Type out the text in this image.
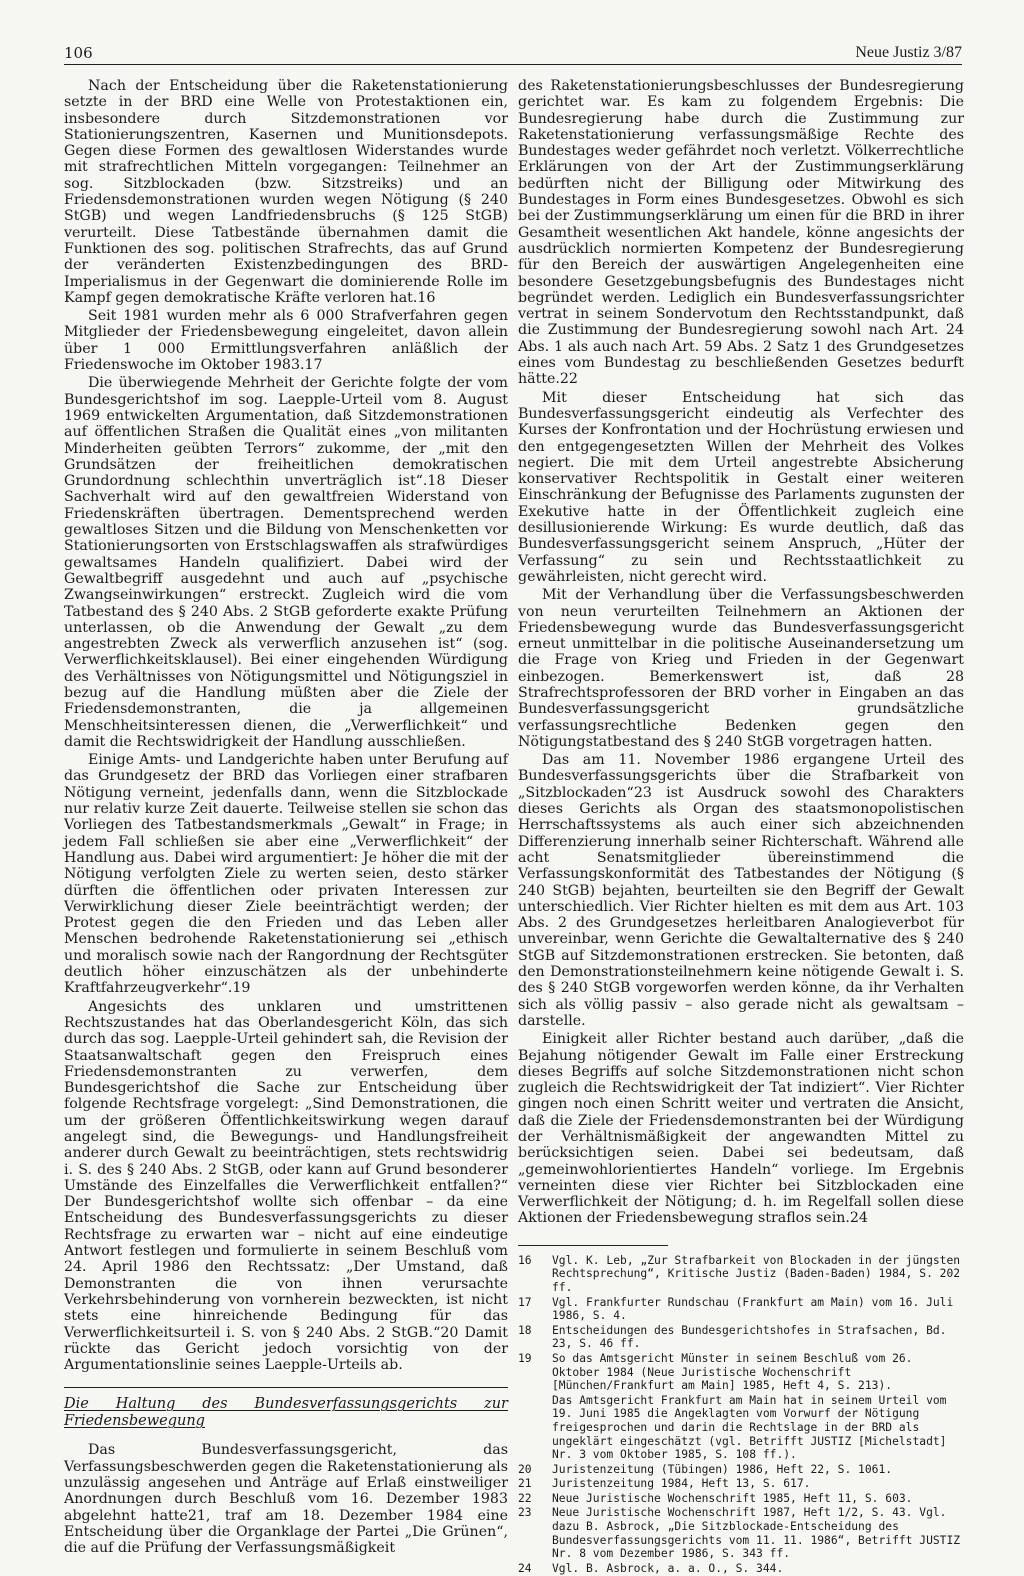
106	Neue Justiz 3/87

Nach der Entscheidung über die Raketenstationierung setzte in der BRD eine Welle von Protestaktionen ein, insbesondere durch Sitzdemonstrationen vor Stationierungszentren, Kasernen und Munitionsdepots. Gegen diese Formen des gewaltlosen Widerstandes wurde mit strafrechtlichen Mitteln vorgegangen: Teilnehmer an sog. Sitzblockaden (bzw. Sitzstreiks) und an Friedensdemonstrationen wurden wegen Nötigung (§ 240 StGB) und wegen Landfriedensbruchs (§ 125 StGB) verurteilt. Diese Tatbestände übernahmen damit die Funktionen des sog. politischen Strafrechts, das auf Grund der veränderten Existenzbedingungen des BRD-Imperialismus in der Gegenwart die dominierende Rolle im Kampf gegen demokratische Kräfte verloren hat.16

Seit 1981 wurden mehr als 6 000 Strafverfahren gegen Mitglieder der Friedensbewegung eingeleitet, davon allein über 1 000 Ermittlungsverfahren anläßlich der Friedenswoche im Oktober 1983.17

Die überwiegende Mehrheit der Gerichte folgte der vom Bundesgerichtshof im sog. Laepple-Urteil vom 8. August 1969 entwickelten Argumentation, daß Sitzdemonstrationen auf öffentlichen Straßen die Qualität eines „von militanten Minderheiten geübten Terrors“ zukomme, der „mit den Grundsätzen der freiheitlichen demokratischen Grundordnung schlechthin unverträglich ist“.18 Dieser Sachverhalt wird auf den gewaltfreien Widerstand von Friedenskräften übertragen. Dementsprechend werden gewaltloses Sitzen und die Bildung von Menschenketten vor Stationierungsorten von Erstschlagswaffen als strafwürdiges gewaltsames Handeln qualifiziert. Dabei wird der Gewaltbegriff ausgedehnt und auch auf „psychische Zwangseinwirkungen“ erstreckt. Zugleich wird die vom Tatbestand des § 240 Abs. 2 StGB geforderte exakte Prüfung unterlassen, ob die Anwendung der Gewalt „zu dem angestrebten Zweck als verwerflich anzusehen ist“ (sog. Verwerflichkeitsklausel). Bei einer eingehenden Würdigung des Verhältnisses von Nötigungsmittel und Nötigungsziel in bezug auf die Handlung müßten aber die Ziele der Friedensdemonstranten, die ja allgemeinen Menschheitsinteressen dienen, die „Verwerflichkeit“ und damit die Rechtswidrigkeit der Handlung ausschließen.

Einige Amts- und Landgerichte haben unter Berufung auf das Grundgesetz der BRD das Vorliegen einer strafbaren Nötigung verneint, jedenfalls dann, wenn die Sitzblockade nur relativ kurze Zeit dauerte. Teilweise stellen sie schon das Vorliegen des Tatbestandsmerkmals „Gewalt“ in Frage; in jedem Fall schließen sie aber eine „Verwerflichkeit“ der Handlung aus. Dabei wird argumentiert: Je höher die mit der Nötigung verfolgten Ziele zu werten seien, desto stärker dürften die öffentlichen oder privaten Interessen zur Verwirklichung dieser Ziele beeinträchtigt werden; der Protest gegen die den Frieden und das Leben aller Menschen bedrohende Raketenstationierung sei „ethisch und moralisch sowie nach der Rangordnung der Rechtsgüter deutlich höher einzuschätzen als der unbehinderte Kraftfahrzeugverkehr“.19

Angesichts des unklaren und umstrittenen Rechtszustandes hat das Oberlandesgericht Köln, das sich durch das sog. Laepple-Urteil gehindert sah, die Revision der Staatsanwaltschaft gegen den Freispruch eines Friedensdemonstranten zu verwerfen, dem Bundesgerichtshof die Sache zur Entscheidung über folgende Rechtsfrage vorgelegt: „Sind Demonstrationen, die um der größeren Öffentlichkeitswirkung wegen darauf angelegt sind, die Bewegungs- und Handlungsfreiheit anderer durch Gewalt zu beeinträchtigen, stets rechtswidrig i. S. des § 240 Abs. 2 StGB, oder kann auf Grund besonderer Umstände des Einzelfalles die Verwerflichkeit entfallen?“ Der Bundesgerichtshof wollte sich offenbar – da eine Entscheidung des Bundesverfassungsgerichts zu dieser Rechtsfrage zu erwarten war – nicht auf eine eindeutige Antwort festlegen und formulierte in seinem Beschluß vom 24. April 1986 den Rechtssatz: „Der Umstand, daß Demonstranten die von ihnen verursachte Verkehrsbehinderung von vornherein bezweckten, ist nicht stets eine hinreichende Bedingung für das Verwerflichkeitsurteil i. S. von § 240 Abs. 2 StGB.“20 Damit rückte das Gericht jedoch vorsichtig von der Argumentationslinie seines Laepple-Urteils ab.

Die Haltung des Bundesverfassungsgerichts zur Friedensbewegung

Das Bundesverfassungsgericht, das Verfassungsbeschwerden gegen die Raketenstationierung als unzulässig angesehen und Anträge auf Erlaß einstweiliger Anordnungen durch Beschluß vom 16. Dezember 1983 abgelehnt hatte21, traf am 18. Dezember 1984 eine Entscheidung über die Organklage der Partei „Die Grünen“, die auf die Prüfung der Verfassungsmäßigkeit

des Raketenstationierungsbeschlusses der Bundesregierung gerichtet war. Es kam zu folgendem Ergebnis: Die Bundesregierung habe durch die Zustimmung zur Raketenstationierung verfassungsmäßige Rechte des Bundestages weder gefährdet noch verletzt. Völkerrechtliche Erklärungen von der Art der Zustimmungserklärung bedürften nicht der Billigung oder Mitwirkung des Bundestages in Form eines Bundesgesetzes. Obwohl es sich bei der Zustimmungserklärung um einen für die BRD in ihrer Gesamtheit wesentlichen Akt handele, könne angesichts der ausdrücklich normierten Kompetenz der Bundesregierung für den Bereich der auswärtigen Angelegenheiten eine besondere Gesetzgebungsbefugnis des Bundestages nicht begründet werden. Lediglich ein Bundesverfassungsrichter vertrat in seinem Sondervotum den Rechtsstandpunkt, daß die Zustimmung der Bundesregierung sowohl nach Art. 24 Abs. 1 als auch nach Art. 59 Abs. 2 Satz 1 des Grundgesetzes eines vom Bundestag zu beschließenden Gesetzes bedurft hätte.22

Mit dieser Entscheidung hat sich das Bundesverfassungsgericht eindeutig als Verfechter des Kurses der Konfrontation und der Hochrüstung erwiesen und den entgegengesetzten Willen der Mehrheit des Volkes negiert. Die mit dem Urteil angestrebte Absicherung konservativer Rechtspolitik in Gestalt einer weiteren Einschränkung der Befugnisse des Parlaments zugunsten der Exekutive hatte in der Öffentlichkeit zugleich eine desillusionierende Wirkung: Es wurde deutlich, daß das Bundesverfassungsgericht seinem Anspruch, „Hüter der Verfassung“ zu sein und Rechtsstaatlichkeit zu gewährleisten, nicht gerecht wird.

Mit der Verhandlung über die Verfassungsbeschwerden von neun verurteilten Teilnehmern an Aktionen der Friedensbewegung wurde das Bundesverfassungsgericht erneut unmittelbar in die politische Auseinandersetzung um die Frage von Krieg und Frieden in der Gegenwart einbezogen. Bemerkenswert ist, daß 28 Strafrechtsprofessoren der BRD vorher in Eingaben an das Bundesverfassungsgericht grundsätzliche verfassungsrechtliche Bedenken gegen den Nötigungstatbestand des § 240 StGB vorgetragen hatten.

Das am 11. November 1986 ergangene Urteil des Bundesverfassungsgerichts über die Strafbarkeit von „Sitzblockaden“23 ist Ausdruck sowohl des Charakters dieses Gerichts als Organ des staatsmonopolistischen Herrschaftssystems als auch einer sich abzeichnenden Differenzierung innerhalb seiner Richterschaft. Während alle acht Senatsmitglieder übereinstimmend die Verfassungskonformität des Tatbestandes der Nötigung (§ 240 StGB) bejahten, beurteilten sie den Begriff der Gewalt unterschiedlich. Vier Richter hielten es mit dem aus Art. 103 Abs. 2 des Grundgesetzes herleitbaren Analogieverbot für unvereinbar, wenn Gerichte die Gewaltalternative des § 240 StGB auf Sitzdemonstrationen erstrecken. Sie betonten, daß den Demonstrationsteilnehmern keine nötigende Gewalt i. S. des § 240 StGB vorgeworfen werden könne, da ihr Verhalten sich als völlig passiv – also gerade nicht als gewaltsam – darstelle.

Einigkeit aller Richter bestand auch darüber, „daß die Bejahung nötigender Gewalt im Falle einer Erstreckung dieses Begriffs auf solche Sitzdemonstrationen nicht schon zugleich die Rechtswidrigkeit der Tat indiziert“. Vier Richter gingen noch einen Schritt weiter und vertraten die Ansicht, daß die Ziele der Friedensdemonstranten bei der Würdigung der Verhältnismäßigkeit der angewandten Mittel zu berücksichtigen seien. Dabei sei bedeutsam, daß „gemeinwohlorientiertes Handeln“ vorliege. Im Ergebnis verneinten diese vier Richter bei Sitzblockaden eine Verwerflichkeit der Nötigung; d. h. im Regelfall sollen diese Aktionen der Friedensbewegung straflos sein.24

16	Vgl. K. Leb, „Zur Strafbarkeit von Blockaden in der jüngsten Rechtsprechung“, Kritische Justiz (Baden-Baden) 1984, S. 202 ff.
17	Vgl. Frankfurter Rundschau (Frankfurt am Main) vom 16. Juli 1986, S. 4.
18	Entscheidungen des Bundesgerichtshofes in Strafsachen, Bd. 23, S. 46 ff.
19	So das Amtsgericht Münster in seinem Beschluß vom 26. Oktober 1984 (Neue Juristische Wochenschrift [München/Frankfurt am Main] 1985, Heft 4, S. 213).
Das Amtsgericht Frankfurt am Main hat in seinem Urteil vom 19. Juni 1985 die Angeklagten vom Vorwurf der Nötigung freigesprochen und darin die Rechtslage in der BRD als ungeklärt eingeschätzt (vgl. Betrifft JUSTIZ [Michelstadt] Nr. 3 vom Oktober 1985, S. 108 ff.).
20	Juristenzeitung (Tübingen) 1986, Heft 22, S. 1061.
21	Juristenzeitung 1984, Heft 13, S. 617.
22	Neue Juristische Wochenschrift 1985, Heft 11, S. 603.
23	Neue Juristische Wochenschrift 1987, Heft 1/2, S. 43. Vgl. dazu B. Asbrock, „Die Sitzblockade-Entscheidung des Bundesverfassungsgerichts vom 11. 11. 1986“, Betrifft JUSTIZ Nr. 8 vom Dezember 1986, S. 343 ff.
24	Vgl. B. Asbrock, a. a. O., S. 344.
